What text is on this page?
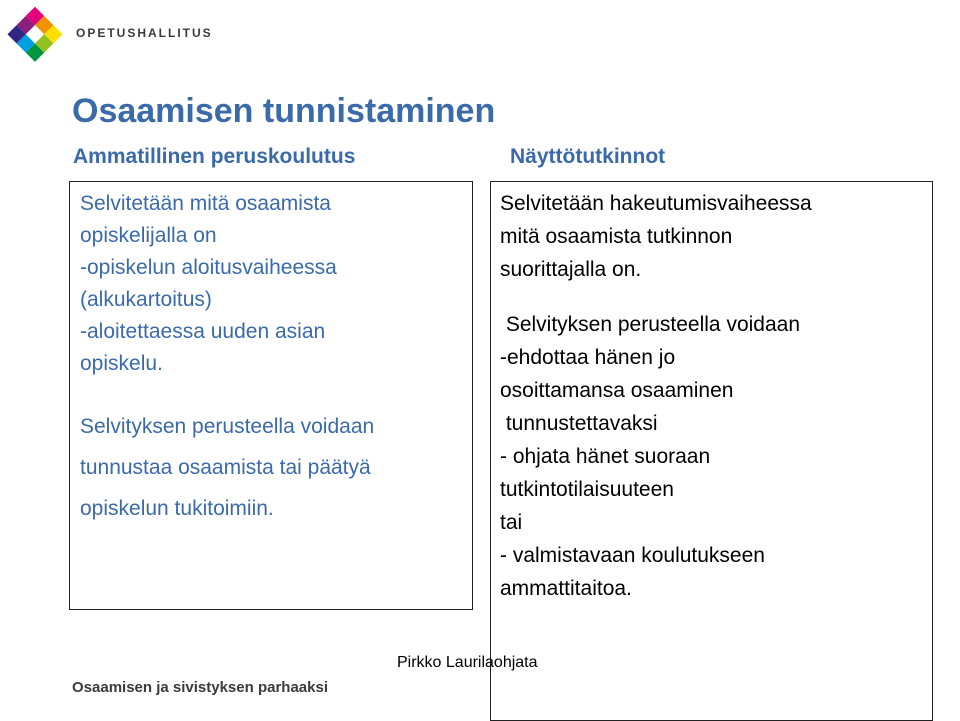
OPETUSHALLITUS
Osaamisen tunnistaminen
Ammatillinen peruskoulutus	Näyttötutkinnot
Selvitetään mitä osaamista
opiskelijalla on
-opiskelun aloitusvaiheessa
(alkukartoitus)
-aloitettaessa uuden asian
opiskelu.
Selvityksen perusteella voidaan
tunnustaa osaamista tai päätyä
opiskelun tukitoimiin.
Selvitetään hakeutumisvaiheessa
mitä osaamista tutkinnon
suorittajalla on.
Selvityksen perusteella voidaan
-ehdottaa hänen jo
osoittamansa osaaminen
tunnustettavaksi
- ohjata hänet suoraan
tutkintotilaisuuteen
tai
- valmistavaan koulutukseen
ammattitaitoa.
Pirkko Laurilaohjata
Osaamisen ja sivistyksen parhaaksi
